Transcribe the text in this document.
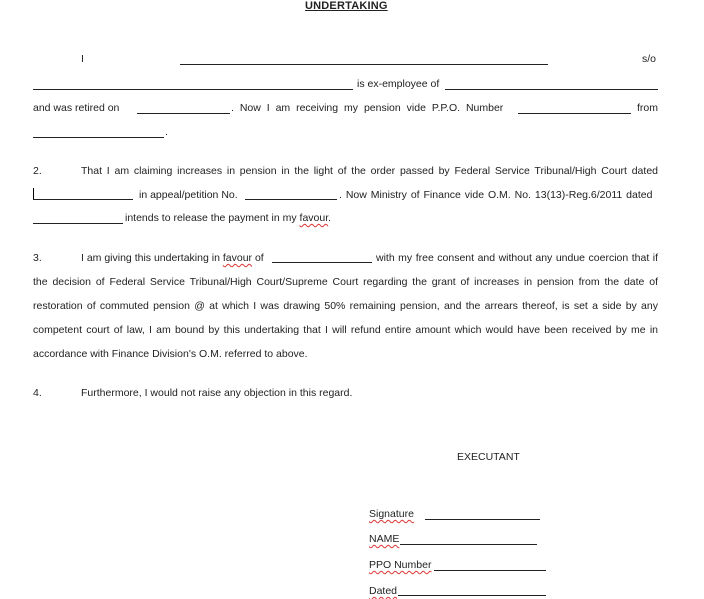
UNDERTAKING
I	s/o
is ex-employee of
and was retired on	. Now I am receiving my pension vide P.P.O. Number	from
.
2.	That I am claiming increases in pension in the light of the order passed by Federal Service Tribunal/High Court dated
in appeal/petition No.	. Now Ministry of Finance vide O.M. No. 13(13)-Reg.6/2011 dated
intends to release the payment in my favour.
3.	I am giving this undertaking in favour of	with my free consent and without any undue coercion that if
the decision of Federal Service Tribunal/High Court/Supreme Court regarding the grant of increases in pension from the date of
restoration of commuted pension @ at which I was drawing 50% remaining pension, and the arrears thereof, is set a side by any
competent court of law, I am bound by this undertaking that I will refund entire amount which would have been received by me in
accordance with Finance Division's O.M. referred to above.
4.	Furthermore, I would not raise any objection in this regard.
EXECUTANT
Signature
NAME
PPO Number
Dated
